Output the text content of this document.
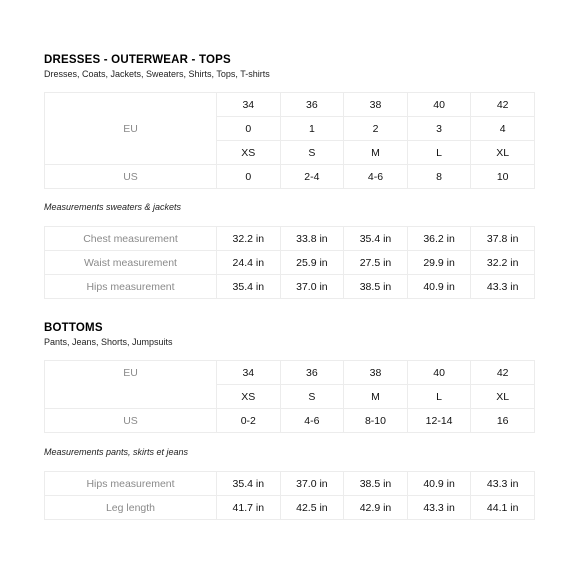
DRESSES - OUTERWEAR - TOPS
Dresses, Coats, Jackets, Sweaters, Shirts, Tops, T-shirts
EU	34	36	38	40	42
	0	1	2	3	4
	XS	S	M	L	XL
US	0	2-4	4-6	8	10
Measurements sweaters & jackets
Chest measurement	32.2 in	33.8 in	35.4 in	36.2 in	37.8 in
Waist measurement	24.4 in	25.9 in	27.5 in	29.9 in	32.2 in
Hips measurement	35.4 in	37.0 in	38.5 in	40.9 in	43.3 in
BOTTOMS
Pants, Jeans, Shorts, Jumpsuits
EU	34	36	38	40	42
	XS	S	M	L	XL
US	0-2	4-6	8-10	12-14	16
Measurements pants, skirts et jeans
Hips measurement	35.4 in	37.0 in	38.5 in	40.9 in	43.3 in
Leg length	41.7 in	42.5 in	42.9 in	43.3 in	44.1 in
